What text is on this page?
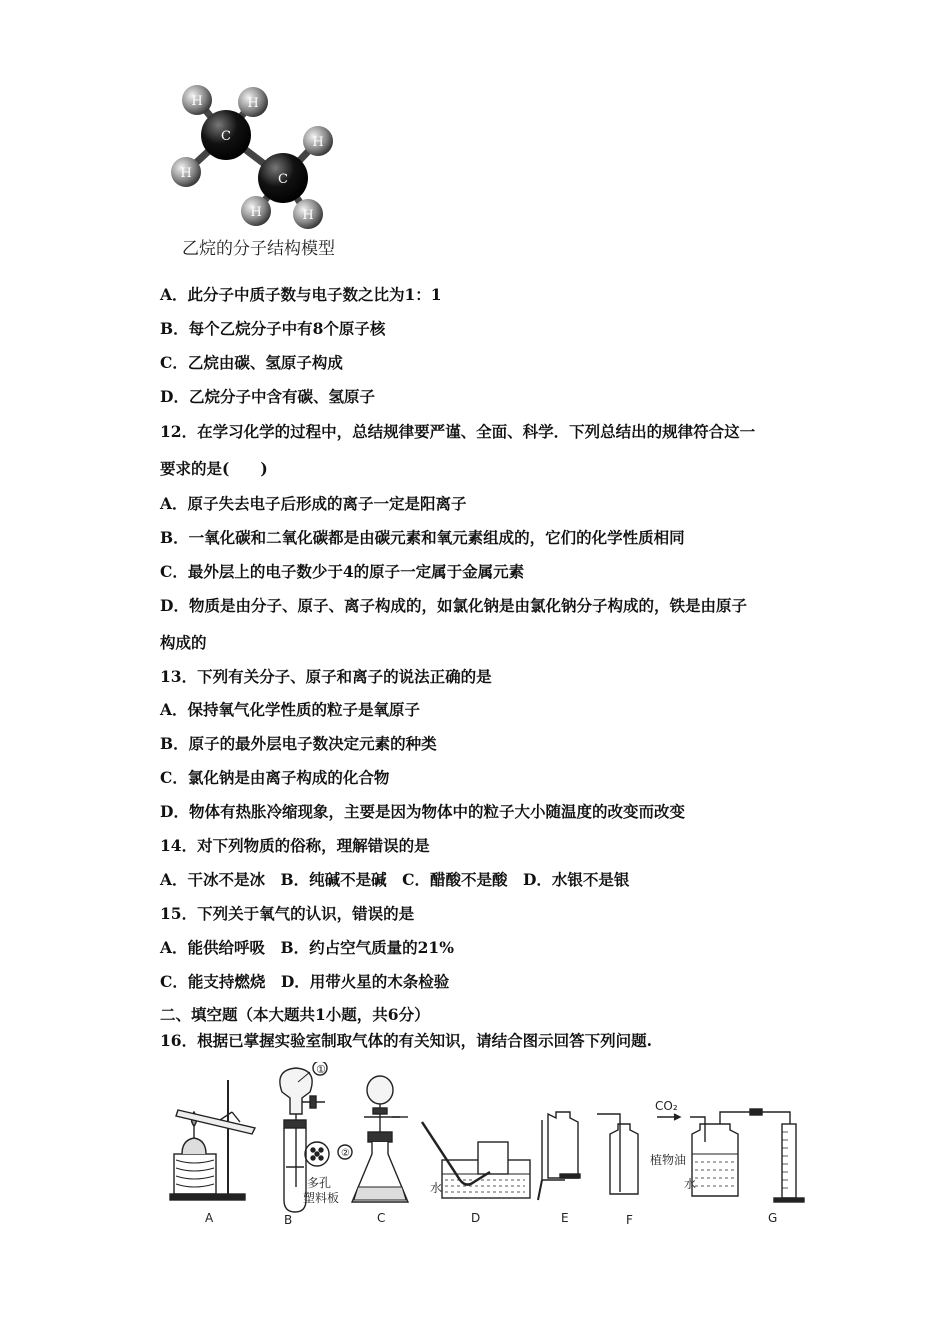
H	H
H
H
H	H
C
C
乙烷的分子结构模型
A．此分子中质子数与电子数之比为1：1
B．每个乙烷分子中有8个原子核
C．乙烷由碳、氢原子构成
D．乙烷分子中含有碳、氢原子
12．在学习化学的过程中，总结规律要严谨、全面、科学．下列总结出的规律符合这一
要求的是(　　)
A．原子失去电子后形成的离子一定是阳离子
B．一氧化碳和二氧化碳都是由碳元素和氧元素组成的，它们的化学性质相同
C．最外层上的电子数少于4的原子一定属于金属元素
D．物质是由分子、原子、离子构成的，如氯化钠是由氯化钠分子构成的，铁是由原子
构成的
13．下列有关分子、原子和离子的说法正确的是
A．保持氧气化学性质的粒子是氧原子
B．原子的最外层电子数决定元素的种类
C．氯化钠是由离子构成的化合物
D．物体有热胀冷缩现象，主要是因为物体中的粒子大小随温度的改变而改变
14．对下列物质的俗称，理解错误的是
A．干冰不是冰　B．纯碱不是碱　C．醋酸不是酸　D．水银不是银
15．下列关于氧气的认识，错误的是
A．能供给呼吸　B．约占空气质量的21%
C．能支持燃烧　D．用带火星的木条检验
二、填空题（本大题共1小题，共6分）
16．根据已掌握实验室制取气体的有关知识，请结合图示回答下列问题.
①
多孔
塑料板
②
水
CO₂
植物油
水
A	B	C	D	E	F	G
